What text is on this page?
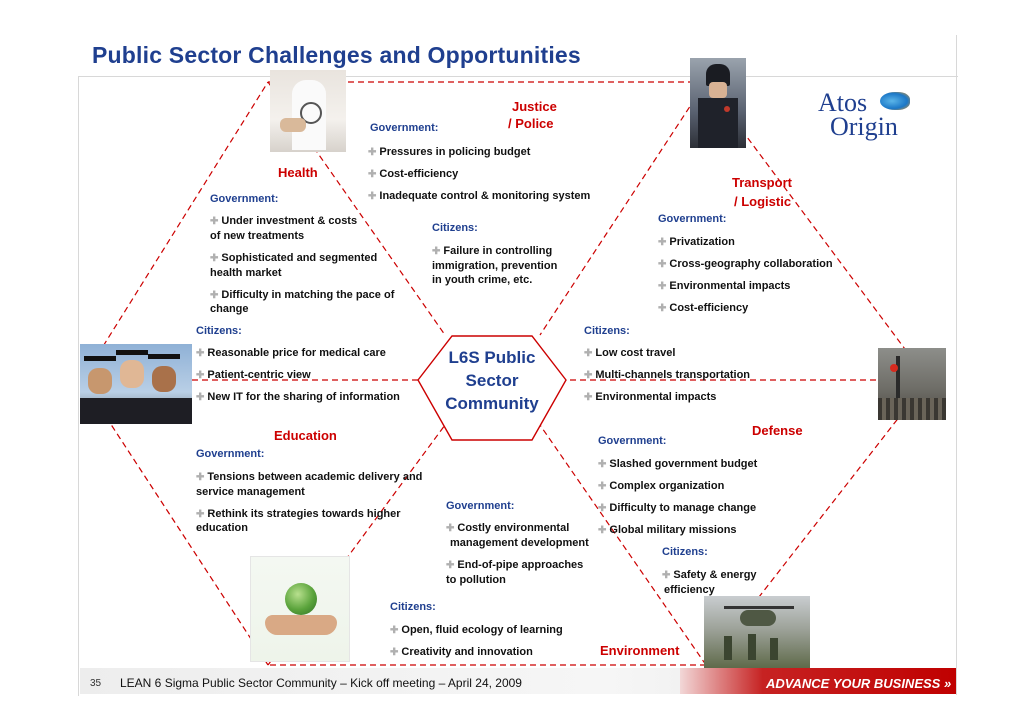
Public Sector Challenges and Opportunities
L6S Public
Sector
Community
Atos
Origin
Justice
/ Police
Government:
✚ Pressures in policing budget
✚ Cost-efficiency
✚ Inadequate control & monitoring system
Citizens:
✚ Failure in controlling
immigration, prevention
in youth crime, etc.
Health
Government:
✚ Under investment & costs
of new treatments
✚ Sophisticated and segmented
health market
✚ Difficulty in matching the pace of
change
Citizens:
✚ Reasonable price for medical care
✚ Patient-centric view
✚ New IT for the sharing of information
Transport
/ Logistic
Government:
✚ Privatization
✚ Cross-geography collaboration
✚ Environmental impacts
✚ Cost-efficiency
Citizens:
✚ Low cost travel
✚ Multi-channels transportation
✚ Environmental impacts
Education
Government:
✚ Tensions between academic delivery and
service management
✚ Rethink its strategies towards higher
education
Defense
Government:
✚ Slashed government budget
✚ Complex organization
✚ Difficulty to manage change
✚ Global military missions
Citizens:
✚ Safety & energy
efficiency
Environment
Government:
✚ Costly environmental
management development
✚ End-of-pipe approaches
to pollution
Citizens:
✚ Open, fluid ecology of learning
✚ Creativity and innovation
35 LEAN 6 Sigma Public Sector Community – Kick off meeting – April 24, 2009	ADVANCE YOUR BUSINESS »
